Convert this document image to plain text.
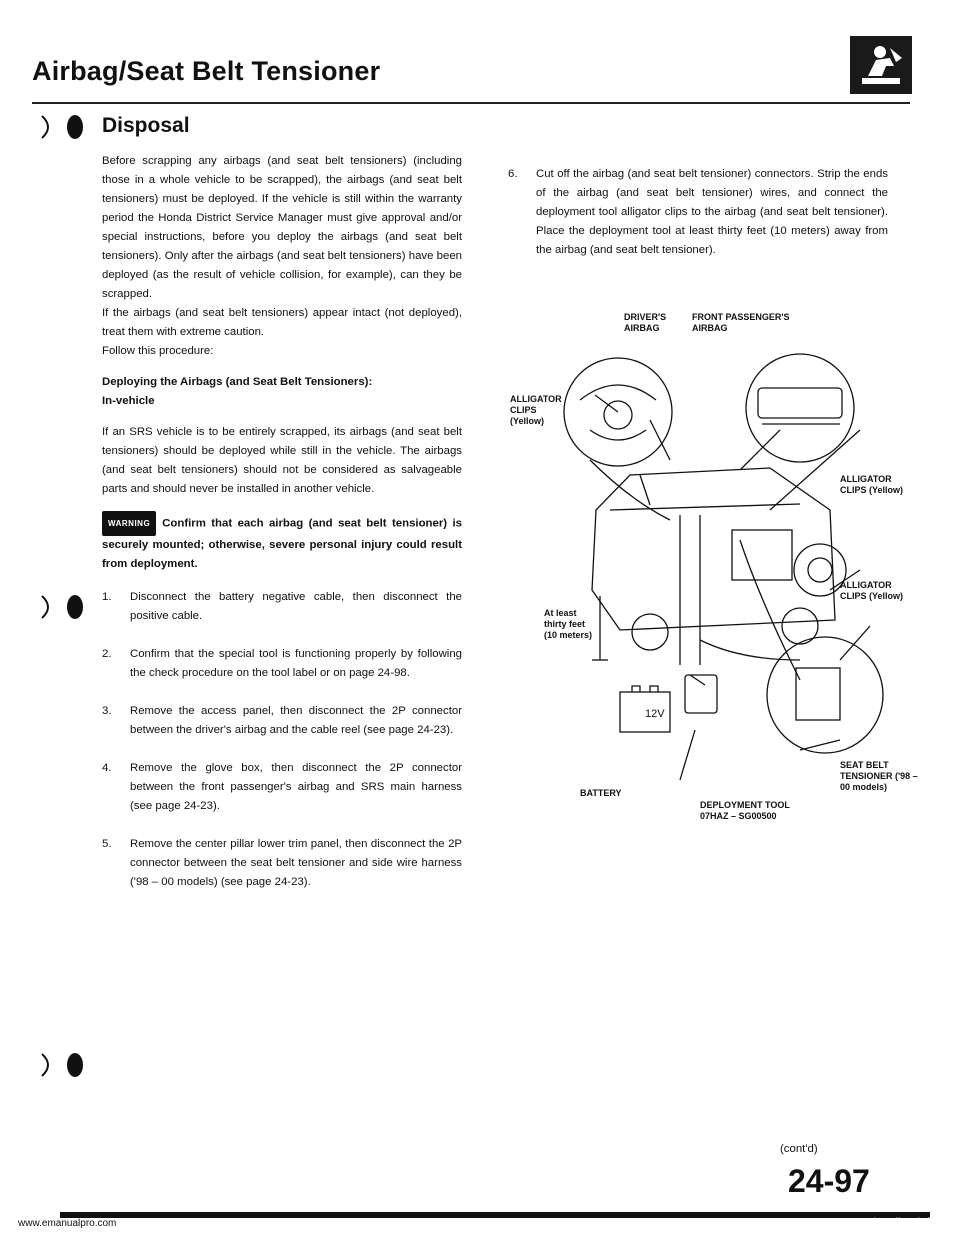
Airbag/Seat Belt Tensioner
Disposal

Before scrapping any airbags (and seat belt tensioners) (including those in a whole vehicle to be scrapped), the airbags (and seat belt tensioners) must be deployed. If the vehicle is still within the warranty period the Honda District Service Manager must give approval and/or special instructions, before you deploy the airbags (and seat belt tensioners). Only after the airbags (and seat belt tensioners) have been deployed (as the result of vehicle collision, for example), can they be scrapped.

If the airbags (and seat belt tensioners) appear intact (not deployed), treat them with extreme caution.

Follow this procedure:

Deploying the Airbags (and Seat Belt Tensioners):

In-vehicle

If an SRS vehicle is to be entirely scrapped, its airbags (and seat belt tensioners) should be deployed while still in the vehicle. The airbags (and seat belt tensioners) should not be considered as salvageable parts and should never be installed in another vehicle.

WARNING Confirm that each airbag (and seat belt tensioner) is securely mounted; otherwise, severe personal injury could result from deployment.

1. Disconnect the battery negative cable, then disconnect the positive cable.
2. Confirm that the special tool is functioning properly by following the check procedure on the tool label or on page 24-98.
3. Remove the access panel, then disconnect the 2P connector between the driver's airbag and the cable reel (see page 24-23).
4. Remove the glove box, then disconnect the 2P connector between the front passenger's airbag and SRS main harness (see page 24-23).
5. Remove the center pillar lower trim panel, then disconnect the 2P connector between the seat belt tensioner and side wire harness ('98 – 00 models) (see page 24-23).
6. Cut off the airbag (and seat belt tensioner) connectors. Strip the ends of the airbag (and seat belt tensioner) wires, and connect the deployment tool alligator clips to the airbag (and seat belt tensioner). Place the deployment tool at least thirty feet (10 meters) away from the airbag (and seat belt tensioner).
12V
DRIVER'S AIRBAG
FRONT PASSENGER'S AIRBAG
ALLIGATOR CLIPS (Yellow)
ALLIGATOR CLIPS (Yellow)
ALLIGATOR CLIPS (Yellow)
At least thirty feet (10 meters)
BATTERY
SEAT BELT TENSIONER ('98 – 00 models)
DEPLOYMENT TOOL 07HAZ – SG00500
(cont'd)
24-97
www.emanualpro.com	carmanualsonline.info
